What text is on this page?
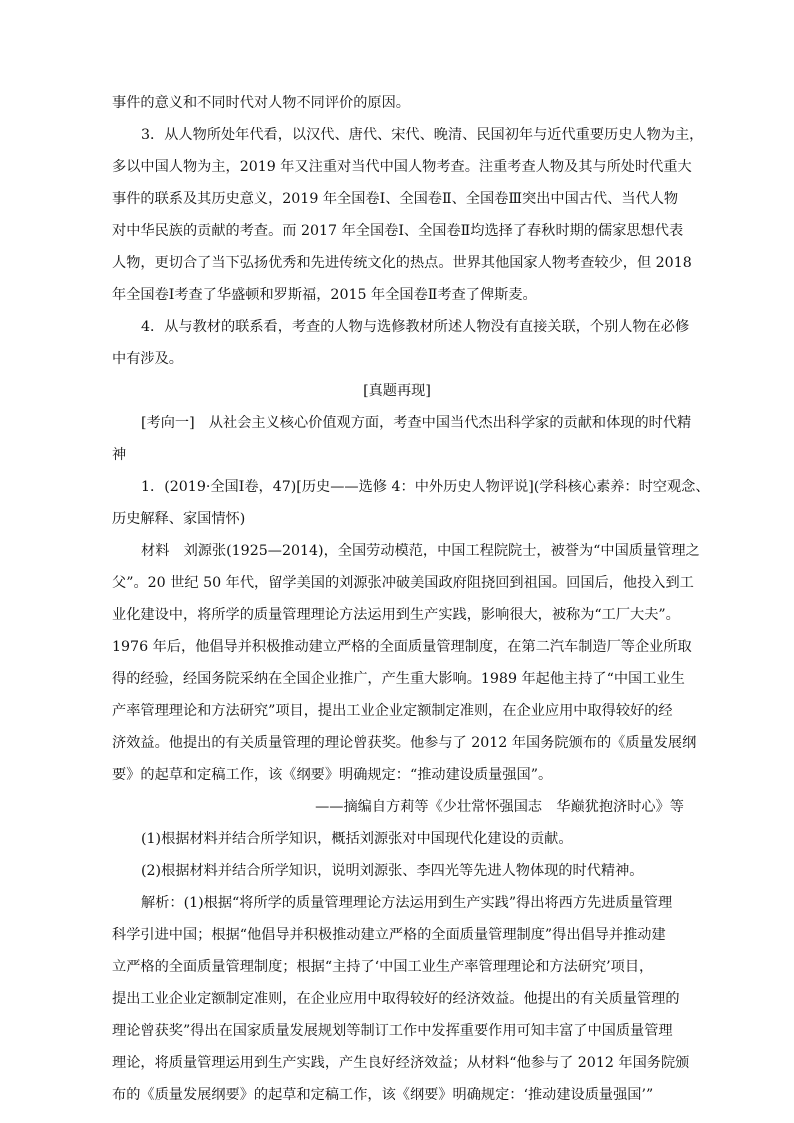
事件的意义和不同时代对人物不同评价的原因。
3．从人物所处年代看，以汉代、唐代、宋代、晚清、民国初年与近代重要历史人物为主，
多以中国人物为主，2019 年又注重对当代中国人物考查。注重考查人物及其与所处时代重大
事件的联系及其历史意义，2019 年全国卷Ⅰ、全国卷Ⅱ、全国卷Ⅲ突出中国古代、当代人物
对中华民族的贡献的考查。而 2017 年全国卷Ⅰ、全国卷Ⅱ均选择了春秋时期的儒家思想代表
人物，更切合了当下弘扬优秀和先进传统文化的热点。世界其他国家人物考查较少，但 2018
年全国卷Ⅰ考查了华盛顿和罗斯福，2015 年全国卷Ⅱ考查了俾斯麦。
4．从与教材的联系看，考查的人物与选修教材所述人物没有直接关联，个别人物在必修
中有涉及。
[真题再现]
[考向一]　从社会主义核心价值观方面，考查中国当代杰出科学家的贡献和体现的时代精
神
1．(2019·全国Ⅰ卷，47)[历史——选修 4：中外历史人物评说](学科核心素养：时空观念、
历史解释、家国情怀)
材料　刘源张(1925—2014)，全国劳动模范，中国工程院院士，被誉为“中国质量管理之
父”。20 世纪 50 年代，留学美国的刘源张冲破美国政府阻挠回到祖国。回国后，他投入到工
业化建设中，将所学的质量管理理论方法运用到生产实践，影响很大，被称为“工厂大夫”。
1976 年后，他倡导并积极推动建立严格的全面质量管理制度，在第二汽车制造厂等企业所取
得的经验，经国务院采纳在全国企业推广，产生重大影响。1989 年起他主持了“中国工业生
产率管理理论和方法研究”项目，提出工业企业定额制定准则，在企业应用中取得较好的经
济效益。他提出的有关质量管理的理论曾获奖。他参与了 2012 年国务院颁布的《质量发展纲
要》的起草和定稿工作，该《纲要》明确规定：“推动建设质量强国”。
——摘编自方莉等《少壮常怀强国志　华巅犹抱济时心》等
(1)根据材料并结合所学知识，概括刘源张对中国现代化建设的贡献。
(2)根据材料并结合所学知识，说明刘源张、李四光等先进人物体现的时代精神。
解析：(1)根据“将所学的质量管理理论方法运用到生产实践”得出将西方先进质量管理
科学引进中国；根据“他倡导并积极推动建立严格的全面质量管理制度”得出倡导并推动建
立严格的全面质量管理制度；根据“主持了‘中国工业生产率管理理论和方法研究’项目，
提出工业企业定额制定准则，在企业应用中取得较好的经济效益。他提出的有关质量管理的
理论曾获奖”得出在国家质量发展规划等制订工作中发挥重要作用可知丰富了中国质量管理
理论，将质量管理运用到生产实践，产生良好经济效益；从材料“他参与了 2012 年国务院颁
布的《质量发展纲要》的起草和定稿工作，该《纲要》明确规定：‘推动建设质量强国’”
